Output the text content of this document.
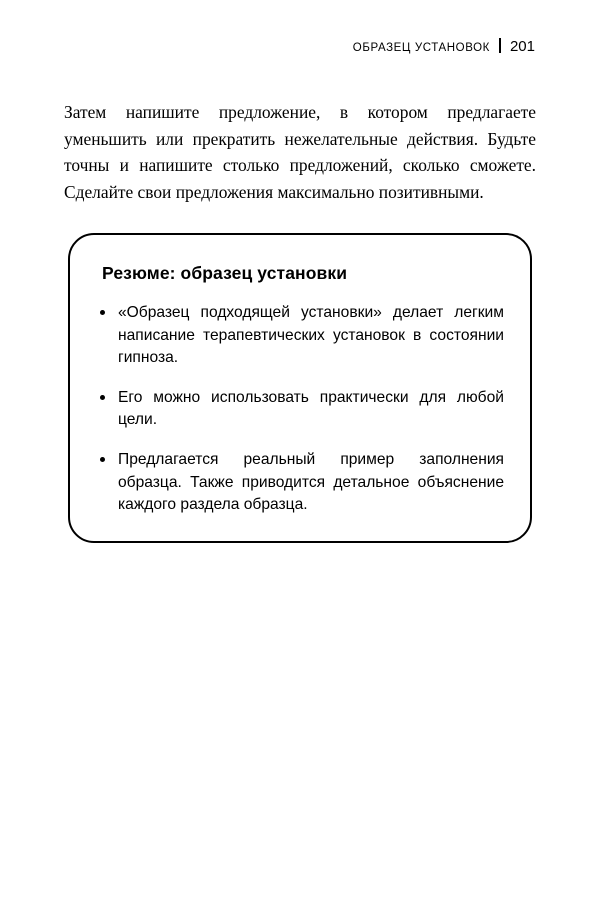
ОБРАЗЕЦ УСТАНОВОК 201

Затем напишите предложение, в котором предлагаете уменьшить или прекратить нежелательные действия. Будьте точны и напишите столько предложений, сколько сможете. Сделайте свои предложения максимально позитивными.

Резюме: образец установки
«Образец подходящей установки» делает легким написание терапевтических установок в состоянии гипноза.
Его можно использовать практически для любой цели.
Предлагается реальный пример заполнения образца. Также приводится детальное объяснение каждого раздела образца.
